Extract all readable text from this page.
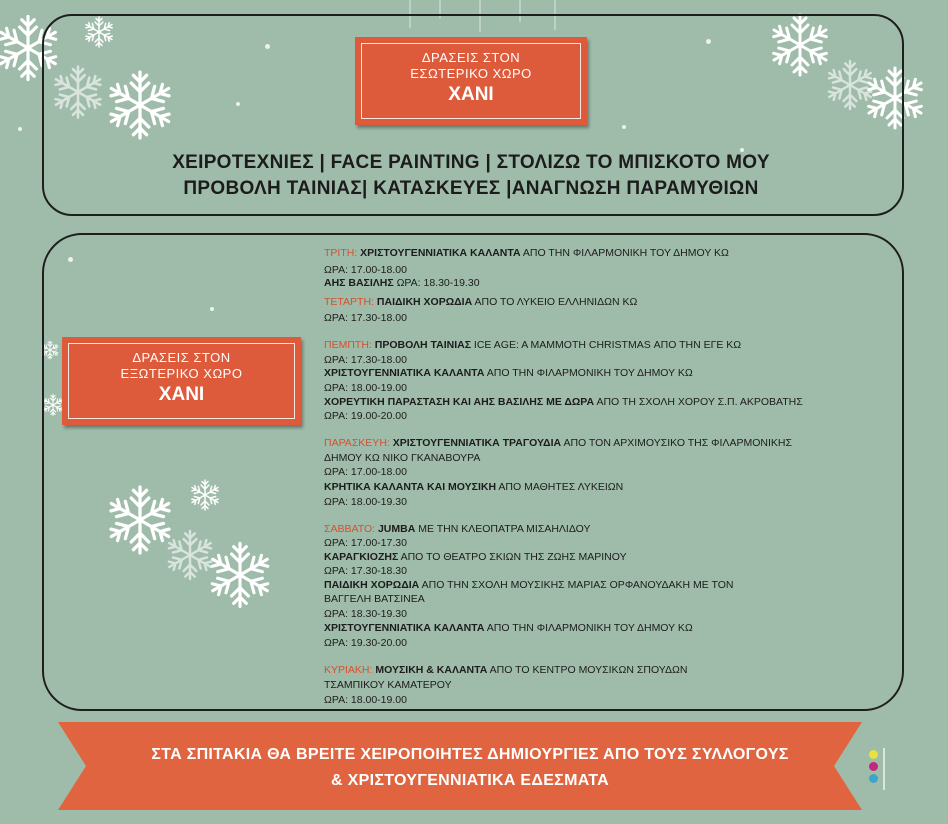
ΔΡΑΣΕΙΣ ΣΤΟΝ
ΕΣΩΤΕΡΙΚΟ ΧΩΡΟ
ΧΑΝΙ
ΧΕΙΡΟΤΕΧΝΙΕΣ | FACE PAINTING | ΣΤΟΛΙΖΩ ΤΟ ΜΠΙΣΚΟΤΟ ΜΟΥ
ΠΡΟΒΟΛΗ ΤΑΙΝΙΑΣ| ΚΑΤΑΣΚΕΥΕΣ |ΑΝΑΓΝΩΣΗ ΠΑΡΑΜΥΘΙΩΝ
ΔΡΑΣΕΙΣ ΣΤΟΝ
ΕΞΩΤΕΡΙΚΟ ΧΩΡΟ
ΧΑΝΙ
ΤΡΙΤΗ: ΧΡΙΣΤΟΥΓΕΝΝΙΑΤΙΚΑ ΚΑΛΑΝΤΑ ΑΠΟ ΤΗΝ ΦΙΛΑΡΜΟΝΙΚΗ ΤΟΥ ΔΗΜΟΥ ΚΩ
ΩΡΑ: 17.00-18.00
ΑΗΣ ΒΑΣΙΛΗΣ ΩΡΑ: 18.30-19.30
ΤΕΤΑΡΤΗ: ΠΑΙΔΙΚΗ ΧΟΡΩΔΙΑ ΑΠΟ ΤΟ ΛΥΚΕΙΟ ΕΛΛΗΝΙΔΩΝ ΚΩ
ΩΡΑ: 17.30-18.00
ΠΕΜΠΤΗ: ΠΡΟΒΟΛΗ ΤΑΙΝΙΑΣ ICE AGE: A MAMMOTH CHRISTMAS ΑΠΟ ΤΗΝ ΕΓΕ ΚΩ
ΩΡΑ: 17.30-18.00
ΧΡΙΣΤΟΥΓΕΝΝΙΑΤΙΚΑ ΚΑΛΑΝΤΑ ΑΠΟ ΤΗΝ ΦΙΛΑΡΜΟΝΙΚΗ ΤΟΥ ΔΗΜΟΥ ΚΩ
ΩΡΑ: 18.00-19.00
ΧΟΡΕΥΤΙΚΗ ΠΑΡΑΣΤΑΣΗ ΚΑΙ ΑΗΣ ΒΑΣΙΛΗΣ ΜΕ ΔΩΡΑ ΑΠΟ ΤΗ ΣΧΟΛΗ ΧΟΡΟΥ Σ.Π. ΑΚΡΟΒΑΤΗΣ
ΩΡΑ: 19.00-20.00
ΠΑΡΑΣΚΕΥΗ: ΧΡΙΣΤΟΥΓΕΝΝΙΑΤΙΚΑ ΤΡΑΓΟΥΔΙΑ ΑΠΟ ΤΟΝ ΑΡΧΙΜΟΥΣΙΚΟ ΤΗΣ ΦΙΛΑΡΜΟΝΙΚΗΣ
ΔΗΜΟΥ ΚΩ ΝΙΚΟ ΓΚΑΝΑΒΟΥΡΑ
ΩΡΑ: 17.00-18.00
ΚΡΗΤΙΚΑ ΚΑΛΑΝΤΑ ΚΑΙ ΜΟΥΣΙΚΗ ΑΠΟ ΜΑΘΗΤΕΣ ΛΥΚΕΙΩΝ
ΩΡΑ: 18.00-19.30
ΣΑΒΒΑΤΟ: JUMBA ΜΕ ΤΗΝ ΚΛΕΟΠΑΤΡΑ ΜΙΣΑΗΛΙΔΟΥ
ΩΡΑ: 17.00-17.30
ΚΑΡΑΓΚΙΟΖΗΣ ΑΠΟ ΤΟ ΘΕΑΤΡΟ ΣΚΙΩΝ ΤΗΣ ΖΩΗΣ ΜΑΡΙΝΟΥ
ΩΡΑ: 17.30-18.30
ΠΑΙΔΙΚΗ ΧΟΡΩΔΙΑ ΑΠΟ ΤΗΝ ΣΧΟΛΗ ΜΟΥΣΙΚΗΣ ΜΑΡΙΑΣ ΟΡΦΑΝΟΥΔΑΚΗ ΜΕ ΤΟΝ
ΒΑΓΓΕΛΗ ΒΑΤΣΙΝΕΑ
ΩΡΑ: 18.30-19.30
ΧΡΙΣΤΟΥΓΕΝΝΙΑΤΙΚΑ ΚΑΛΑΝΤΑ ΑΠΟ ΤΗΝ ΦΙΛΑΡΜΟΝΙΚΗ ΤΟΥ ΔΗΜΟΥ ΚΩ
ΩΡΑ: 19.30-20.00
ΚΥΡΙΑΚΗ: ΜΟΥΣΙΚΗ & ΚΑΛΑΝΤΑ ΑΠΟ ΤΟ ΚΕΝΤΡΟ ΜΟΥΣΙΚΩΝ ΣΠΟΥΔΩΝ
ΤΣΑΜΠΙΚΟΥ ΚΑΜΑΤΕΡΟΥ
ΩΡΑ: 18.00-19.00
ΣΤΑ ΣΠΙΤΑΚΙΑ ΘΑ ΒΡΕΙΤΕ ΧΕΙΡΟΠΟΙΗΤΕΣ ΔΗΜΙΟΥΡΓΙΕΣ ΑΠΟ ΤΟΥΣ ΣΥΛΛΟΓΟΥΣ
& ΧΡΙΣΤΟΥΓΕΝΝΙΑΤΙΚΑ ΕΔΕΣΜΑΤΑ
